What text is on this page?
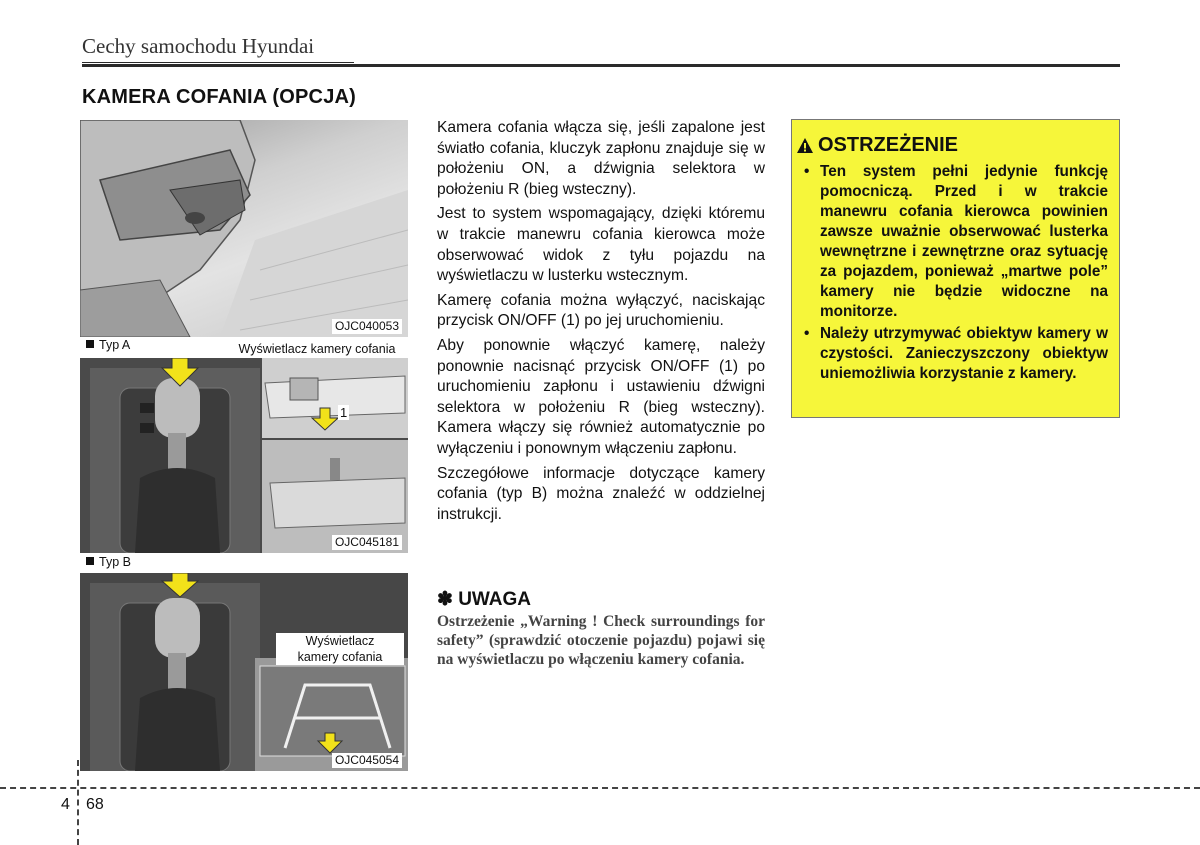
Cechy samochodu Hyundai
KAMERA COFANIA (OPCJA)
OJC040053
Typ A	Wyświetlacz kamery cofania
1
OJC045181
Typ B
Wyświetlacz
kamery cofania
OJC045054

Kamera cofania włącza się, jeśli zapalone jest światło cofania, kluczyk zapłonu znajduje się w położeniu ON, a dźwignia selektora w położeniu R (bieg wsteczny).

Jest to system wspomagający, dzięki któremu w trakcie manewru cofania kierowca może obserwować widok z tyłu pojazdu na wyświetlaczu w lusterku wstecznym.

Kamerę cofania można wyłączyć, naciskając przycisk ON/OFF (1) po jej uruchomieniu.

Aby ponownie włączyć kamerę, należy ponownie nacisnąć przycisk ON/OFF (1) po uruchomieniu zapłonu i ustawieniu dźwigni selektora w położeniu R (bieg wsteczny). Kamera włączy się również automatycznie po wyłączeniu i ponownym włączeniu zapłonu.

Szczegółowe informacje dotyczące kamery cofania (typ B) można znaleźć w oddzielnej instrukcji.

✽ UWAGA
Ostrzeżenie „Warning ! Check surroundings for safety” (sprawdzić otoczenie pojazdu) pojawi się na wyświetlaczu po włączeniu kamery cofania.
OSTRZEŻENIE
• Ten system pełni jedynie funkcję pomocniczą. Przed i w trakcie manewru cofania kierowca powinien zawsze uważnie obserwować lusterka wewnętrzne i zewnętrzne oraz sytuację za pojazdem, ponieważ „martwe pole” kamery nie będzie widoczne na monitorze.
• Należy utrzymywać obiektyw kamery w czystości. Zanieczyszczony obiektyw uniemożliwia korzystanie z kamery.
4 68
